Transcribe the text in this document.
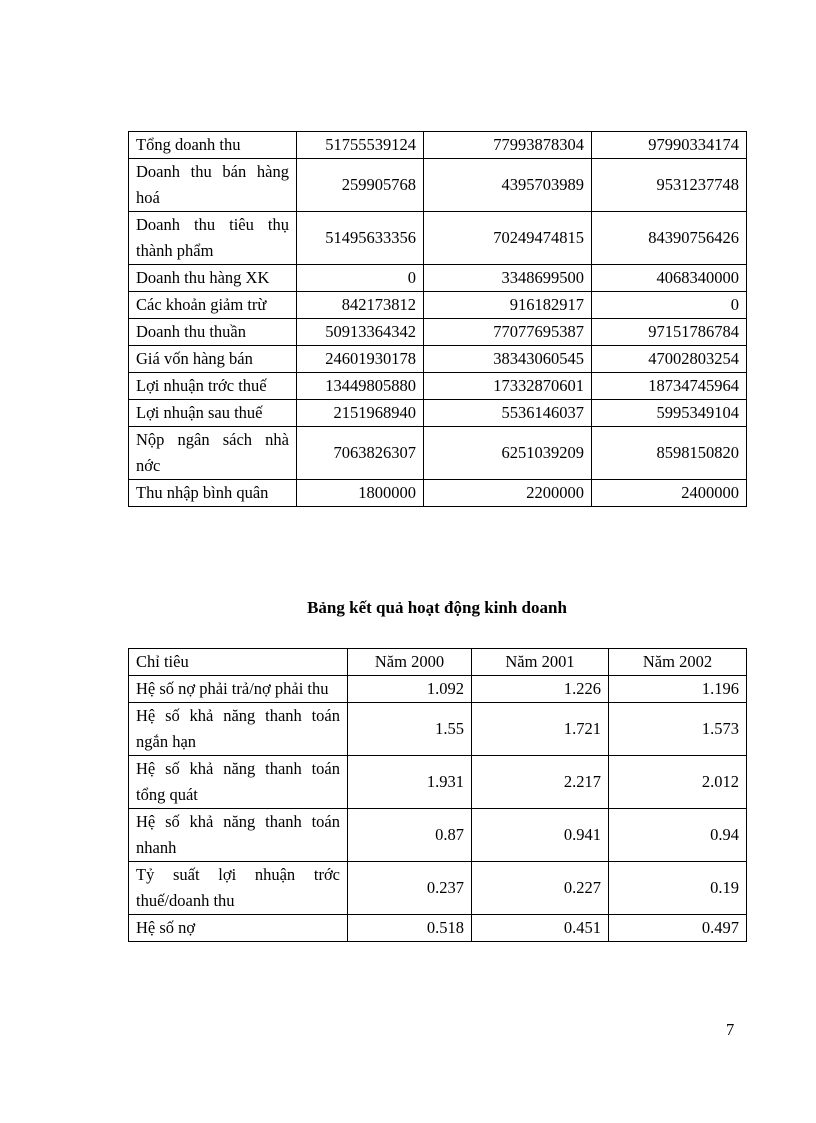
Tổng doanh thu	51755539124	77993878304	97990334174
Doanh thu bán hàng hoá	259905768	4395703989	9531237748
Doanh thu tiêu thụ thành phẩm	51495633356	70249474815	84390756426
Doanh thu hàng XK	0	3348699500	4068340000
Các khoản giảm trừ	842173812	916182917	0
Doanh thu thuần	50913364342	77077695387	97151786784
Giá vốn hàng bán	24601930178	38343060545	47002803254
Lợi nhuận trớc thuế	13449805880	17332870601	18734745964
Lợi nhuận sau thuế	2151968940	5536146037	5995349104
Nộp ngân sách nhà nớc	7063826307	6251039209	8598150820
Thu nhập bình quân	1800000	2200000	2400000
Bảng kết quả hoạt động kinh doanh
Chỉ tiêu	Năm 2000	Năm 2001	Năm 2002
Hệ số nợ phải trả/nợ phải thu	1.092	1.226	1.196
Hệ số khả năng thanh toán ngắn hạn	1.55	1.721	1.573
Hệ số khả năng thanh toán tổng quát	1.931	2.217	2.012
Hệ số khả năng thanh toán nhanh	0.87	0.941	0.94
Tỷ suất lợi nhuận trớc thuế/doanh thu	0.237	0.227	0.19
Hệ số nợ	0.518	0.451	0.497
7
